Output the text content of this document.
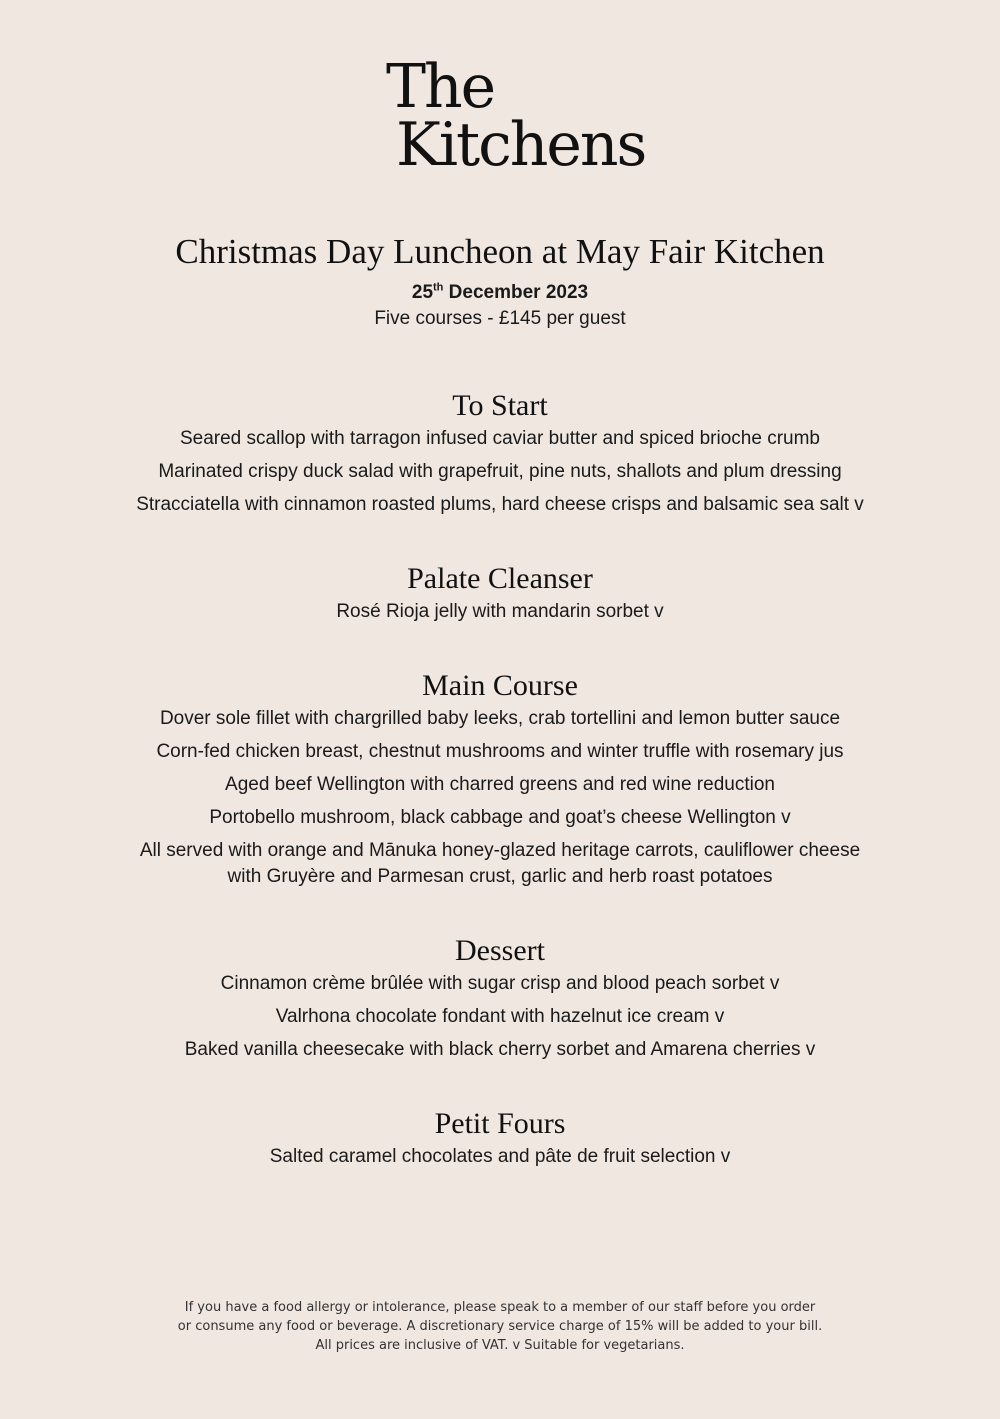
The
Kitchens
Christmas Day Luncheon at May Fair Kitchen
25th December 2023
Five courses - £145 per guest
To Start
Seared scallop with tarragon infused caviar butter and spiced brioche crumb
Marinated crispy duck salad with grapefruit, pine nuts, shallots and plum dressing
Stracciatella with cinnamon roasted plums, hard cheese crisps and balsamic sea salt v
Palate Cleanser
Rosé Rioja jelly with mandarin sorbet v
Main Course
Dover sole fillet with chargrilled baby leeks, crab tortellini and lemon butter sauce
Corn-fed chicken breast, chestnut mushrooms and winter truffle with rosemary jus
Aged beef Wellington with charred greens and red wine reduction
Portobello mushroom, black cabbage and goat’s cheese Wellington v
All served with orange and Mānuka honey-glazed heritage carrots, cauliflower cheese
with Gruyère and Parmesan crust, garlic and herb roast potatoes
Dessert
Cinnamon crème brûlée with sugar crisp and blood peach sorbet v
Valrhona chocolate fondant with hazelnut ice cream v
Baked vanilla cheesecake with black cherry sorbet and Amarena cherries v
Petit Fours
Salted caramel chocolates and pâte de fruit selection v
If you have a food allergy or intolerance, please speak to a member of our staff before you order
or consume any food or beverage. A discretionary service charge of 15% will be added to your bill.
All prices are inclusive of VAT. v Suitable for vegetarians.
